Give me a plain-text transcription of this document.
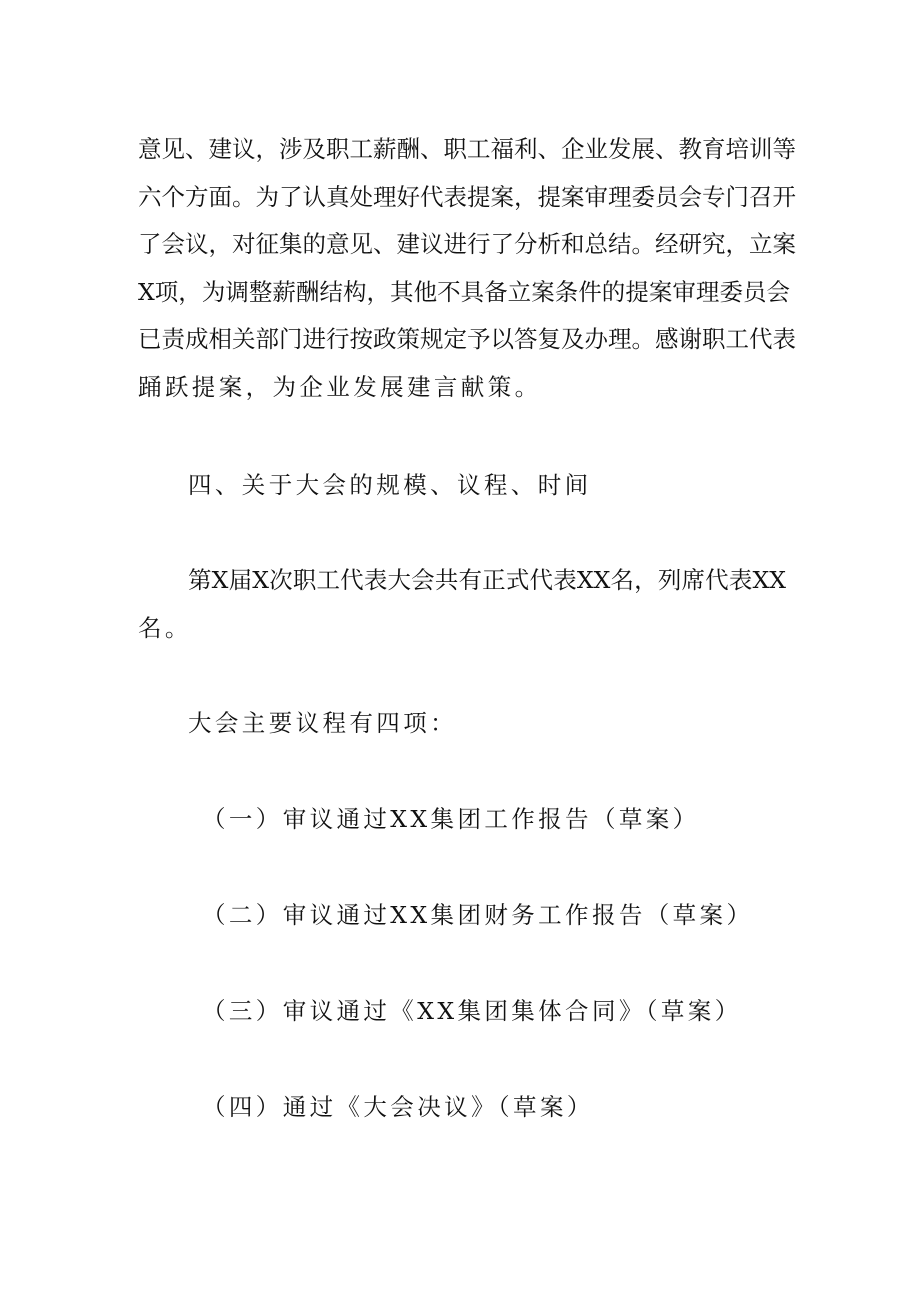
意见、建议，涉及职工薪酬、职工福利、企业发展、教育培训等
六个方面。为了认真处理好代表提案，提案审理委员会专门召开
了会议，对征集的意见、建议进行了分析和总结。经研究，立案
X项，为调整薪酬结构，其他不具备立案条件的提案审理委员会
已责成相关部门进行按政策规定予以答复及办理。感谢职工代表
踊跃提案，为企业发展建言献策。
四、关于大会的规模、议程、时间
第X届X次职工代表大会共有正式代表XX名，列席代表XX
名。
大会主要议程有四项：
（一）审议通过XX集团工作报告（草案）
（二）审议通过XX集团财务工作报告（草案）
（三）审议通过《XX集团集体合同》（草案）
（四）通过《大会决议》（草案）
